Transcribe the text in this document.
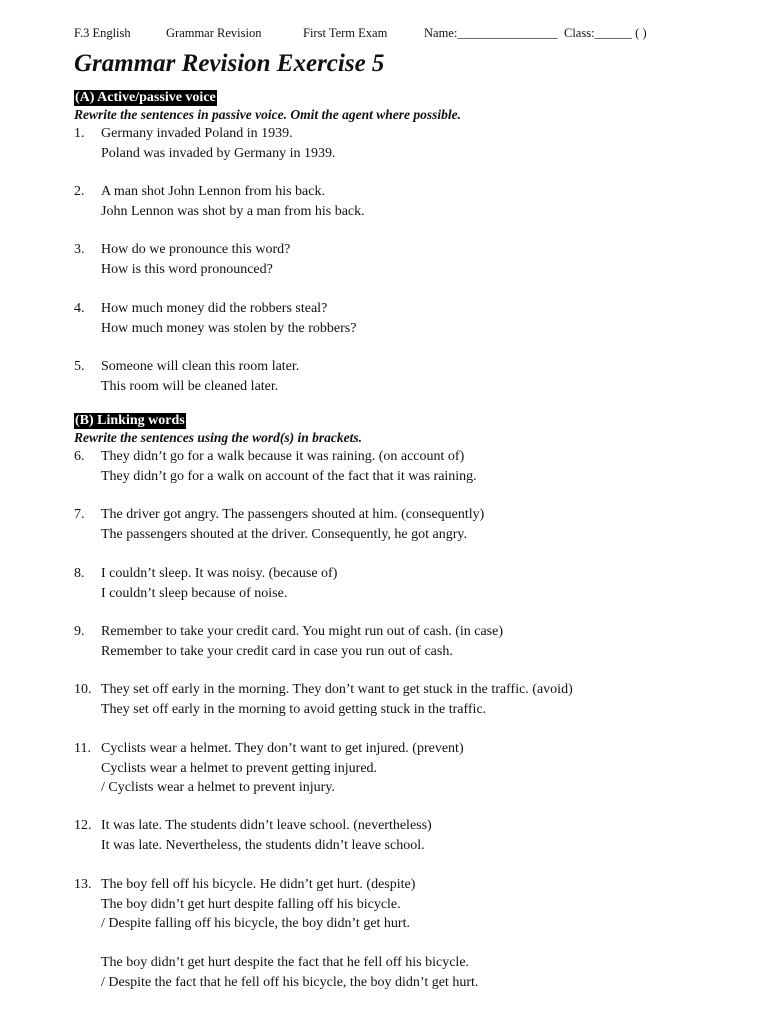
F.3 English	Grammar Revision	First Term Exam	Name:________________ Class:______ ( )
Grammar Revision Exercise 5
(A) Active/passive voice
Rewrite the sentences in passive voice. Omit the agent where possible.
1. Germany invaded Poland in 1939.
Poland was invaded by Germany in 1939.
2. A man shot John Lennon from his back.
John Lennon was shot by a man from his back.
3. How do we pronounce this word?
How is this word pronounced?
4. How much money did the robbers steal?
How much money was stolen by the robbers?
5. Someone will clean this room later.
This room will be cleaned later.
(B) Linking words
Rewrite the sentences using the word(s) in brackets.
6. They didn’t go for a walk because it was raining. (on account of)
They didn’t go for a walk on account of the fact that it was raining.
7. The driver got angry. The passengers shouted at him. (consequently)
The passengers shouted at the driver. Consequently, he got angry.
8. I couldn’t sleep. It was noisy. (because of)
I couldn’t sleep because of noise.
9. Remember to take your credit card. You might run out of cash. (in case)
Remember to take your credit card in case you run out of cash.
10. They set off early in the morning. They don’t want to get stuck in the traffic. (avoid)
They set off early in the morning to avoid getting stuck in the traffic.
11. Cyclists wear a helmet. They don’t want to get injured. (prevent)
Cyclists wear a helmet to prevent getting injured.
/ Cyclists wear a helmet to prevent injury.
12. It was late. The students didn’t leave school. (nevertheless)
It was late. Nevertheless, the students didn’t leave school.
13. The boy fell off his bicycle. He didn’t get hurt. (despite)
The boy didn’t get hurt despite falling off his bicycle.
/ Despite falling off his bicycle, the boy didn’t get hurt.
The boy didn’t get hurt despite the fact that he fell off his bicycle.
/ Despite the fact that he fell off his bicycle, the boy didn’t get hurt.
